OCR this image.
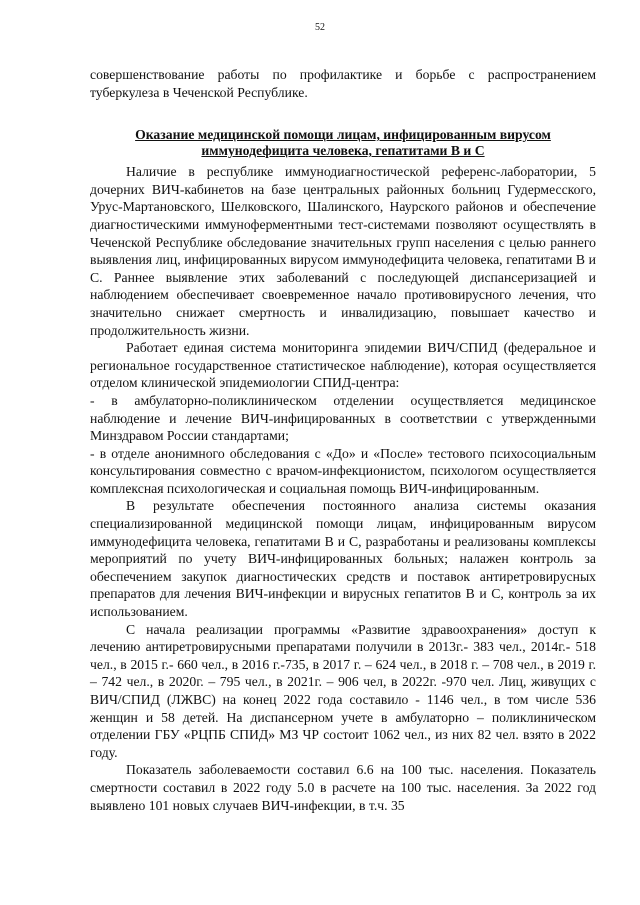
52

совершенствование работы по профилактике и борьбе с распространением туберкулеза в Чеченской Республике.

Оказание медицинской помощи лицам, инфицированным вирусом
иммунодефицита человека, гепатитами В и С

Наличие в республике иммунодиагностической референс-лаборатории, 5 дочерних ВИЧ-кабинетов на базе центральных районных больниц Гудермесского, Урус-Мартановского, Шелковского, Шалинского, Наурского районов и обеспечение диагностическими иммуноферментными тест-системами позволяют осуществлять в Чеченской Республике обследование значительных групп населения с целью раннего выявления лиц, инфицированных вирусом иммунодефицита человека, гепатитами В и С. Раннее выявление этих заболеваний с последующей диспансеризацией и наблюдением обеспечивает своевременное начало противовирусного лечения, что значительно снижает смертность и инвалидизацию, повышает качество и продолжительность жизни.

Работает единая система мониторинга эпидемии ВИЧ/СПИД (федеральное и региональное государственное статистическое наблюдение), которая осуществляется отделом клинической эпидемиологии СПИД-центра:

- в амбулаторно-поликлиническом отделении осуществляется медицинское наблюдение и лечение ВИЧ-инфицированных в соответствии с утвержденными Минздравом России стандартами;

- в отделе анонимного обследования с «До» и «После» тестового психосоциальным консультирования совместно с врачом-инфекционистом, психологом осуществляется комплексная психологическая и социальная помощь ВИЧ-инфицированным.

В результате обеспечения постоянного анализа системы оказания специализированной медицинской помощи лицам, инфицированным вирусом иммунодефицита человека, гепатитами В и С, разработаны и реализованы комплексы мероприятий по учету ВИЧ-инфицированных больных; налажен контроль за обеспечением закупок диагностических средств и поставок антиретровирусных препаратов для лечения ВИЧ-инфекции и вирусных гепатитов В и С, контроль за их использованием.

С начала реализации программы «Развитие здравоохранения» доступ к лечению антиретровирусными препаратами получили в 2013г.- 383 чел., 2014г.- 518 чел., в 2015 г.- 660 чел., в 2016 г.-735, в 2017 г. – 624 чел., в 2018 г. – 708 чел., в 2019 г. – 742 чел., в 2020г. – 795 чел., в 2021г. – 906 чел, в 2022г. -970 чел. Лиц, живущих с ВИЧ/СПИД (ЛЖВС) на конец 2022 года составило - 1146 чел., в том числе 536 женщин и 58 детей. На диспансерном учете в амбулаторно – поликлиническом отделении ГБУ «РЦПБ СПИД» МЗ ЧР состоит 1062 чел., из них 82 чел. взято в 2022 году.

Показатель заболеваемости составил 6.6 на 100 тыс. населения. Показатель смертности составил в 2022 году 5.0 в расчете на 100 тыс. населения. За 2022 год выявлено 101 новых случаев ВИЧ-инфекции, в т.ч. 35
